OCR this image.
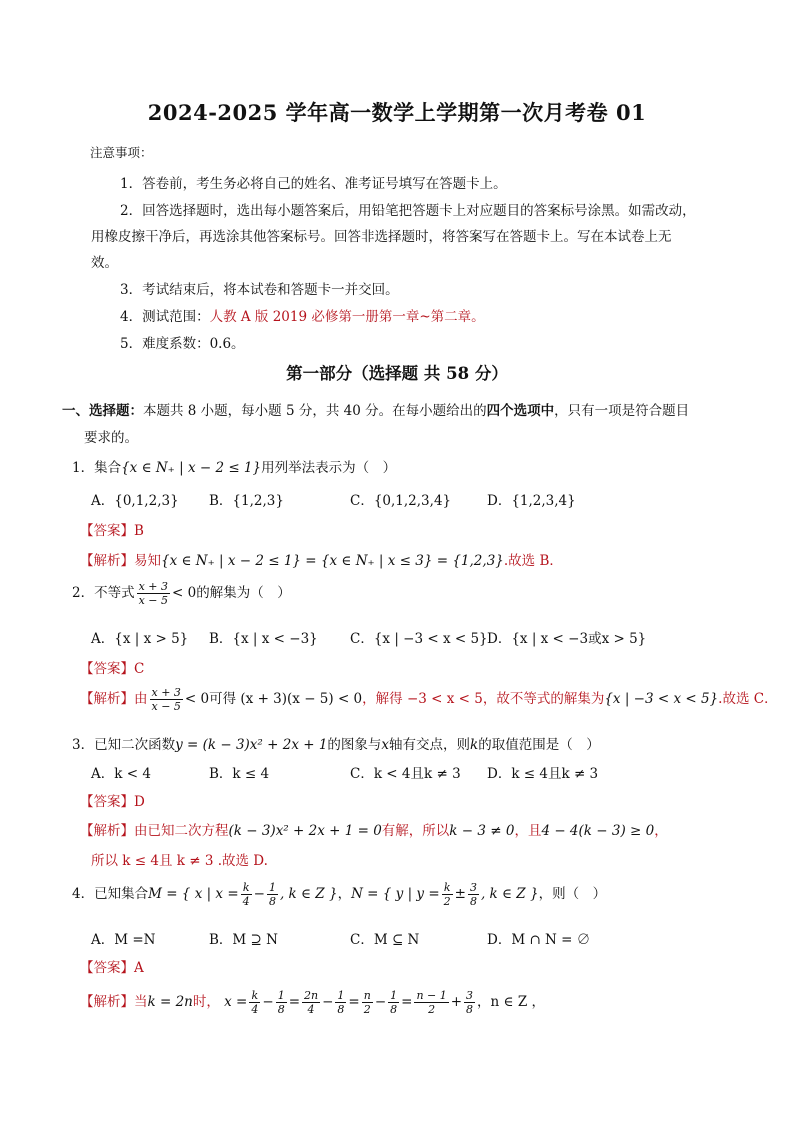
2024-2025 学年高一数学上学期第一次月考卷 01
注意事项：
1．答卷前，考生务必将自己的姓名、准考证号填写在答题卡上。
2．回答选择题时，选出每小题答案后，用铅笔把答题卡上对应题目的答案标号涂黑。如需改动，
用橡皮擦干净后，再选涂其他答案标号。回答非选择题时，将答案写在答题卡上。写在本试卷上无
效。
3．考试结束后，将本试卷和答题卡一并交回。
4．测试范围：人教 A 版 2019 必修第一册第一章~第二章。
5．难度系数：0.6。
第一部分（选择题 共 58 分）
一、选择题：本题共 8 小题，每小题 5 分，共 40 分。在每小题给出的四个选项中，只有一项是符合题目
要求的。
1．集合{x ∈ N₊ | x − 2 ≤ 1}用列举法表示为（　）
A．{0,1,2,3} B．{1,2,3}	C．{0,1,2,3,4}	D．{1,2,3,4}
【答案】B
【解析】易知{x ∈ N₊ | x − 2 ≤ 1} = {x ∈ N₊ | x ≤ 3} = {1,2,3}.故选 B．
2．不等式 $\frac{x + 3}{x - 5} < 0$的解集为（　）
A．{x | x > 5} B．{x | x < −3} C．{x | −3 < x < 5} D．{x | x < −3或x > 5}
【答案】C
【解析】由 $\frac{x + 3}{x - 5} < 0$可得 (x + 3)(x − 5) < 0，解得 −3 < x < 5，故不等式的解集为{x | −3 < x < 5}.故选 C．
3．已知二次函数y = (k − 3)x² + 2x + 1的图象与x轴有交点，则k的取值范围是（　）
A．k < 4	B．k ≤ 4	C．k < 4且k ≠ 3 D．k ≤ 4且k ≠ 3
【答案】D
【解析】由已知二次方程(k − 3)x² + 2x + 1 = 0有解，所以k − 3 ≠ 0，且4 − 4(k − 3) ≥ 0，
所以 k ≤ 4且 k ≠ 3 .故选 D.
4．已知集合M = { x | $x = \frac{k}{4} - \frac{1}{8}$ , k ∈ Z }，N = { y | $y = \frac{k}{2} \pm \frac{3}{8}$ , k ∈ Z }，则（　）
A．M =N	B．M ⊇ N	C．M ⊆ N	D．M ∩ N = ∅
【答案】A
【解析】当k = 2n时， $x = \frac{k}{4} - \frac{1}{8} = \frac{2n}{4} - \frac{1}{8} = \frac{n}{2} - \frac{1}{8} = \frac{n - 1}{2} + \frac{3}{8}$ ，n ∈ Z ，
